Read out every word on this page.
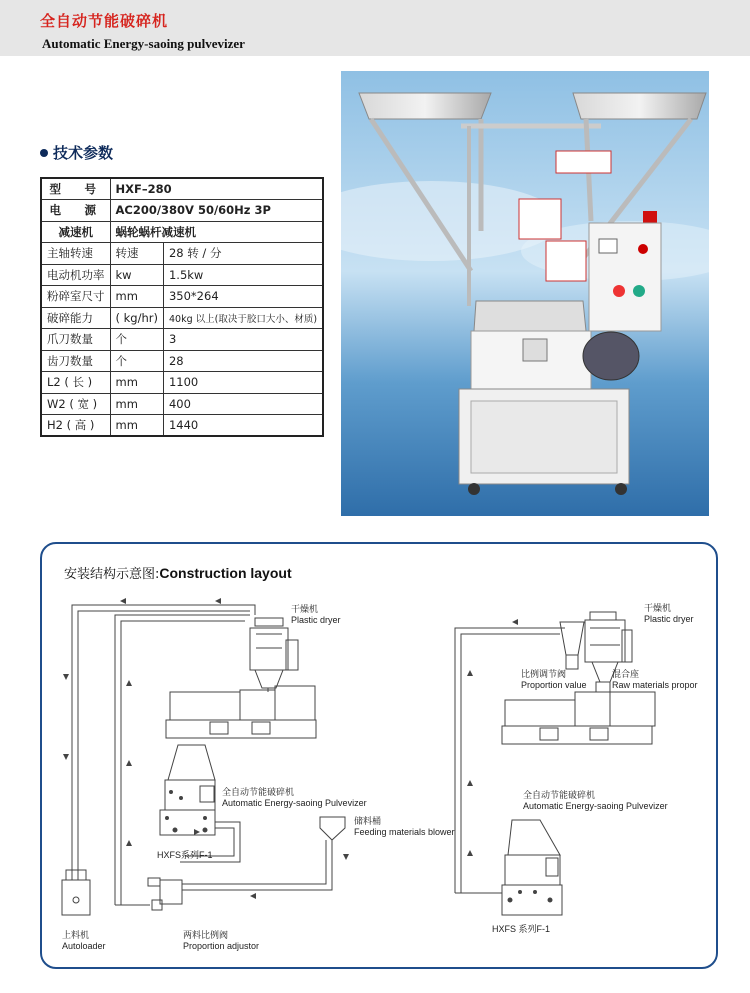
全自动节能破碎机
Automatic Energy-saoing pulvevizer
技术参数
型　号	HXF–280	
电　源	AC200/380V 50/60Hz 3P	
减速机	蜗轮蜗杆减速机	
主轴转速	转速	28 转 / 分
电动机功率	kw	1.5kw
粉碎室尺寸	mm	350*264
破碎能力	( kg/hr)	40kg 以上(取决于胶口大小、材质)
爪刀数量	个	3
齿刀数量	个	28
L2 ( 长 )	mm	1100
W2 ( 宽 )	mm	400
H2 ( 高 )	mm	1440
安装结构示意图:Construction layout
干燥机
Plastic dryer
全自动节能破碎机
Automatic Energy-saoing Pulvevizer
储料桶
Feeding materials blower
HXFS系列F-1
上料机
Autoloader
两料比例阀
Proportion adjustor
干燥机
Plastic dryer
比例调节阀
Proportion value
混合座
Raw materials propor
全自动节能破碎机
Automatic Energy-saoing Pulvevizer
HXFS 系列F-1
